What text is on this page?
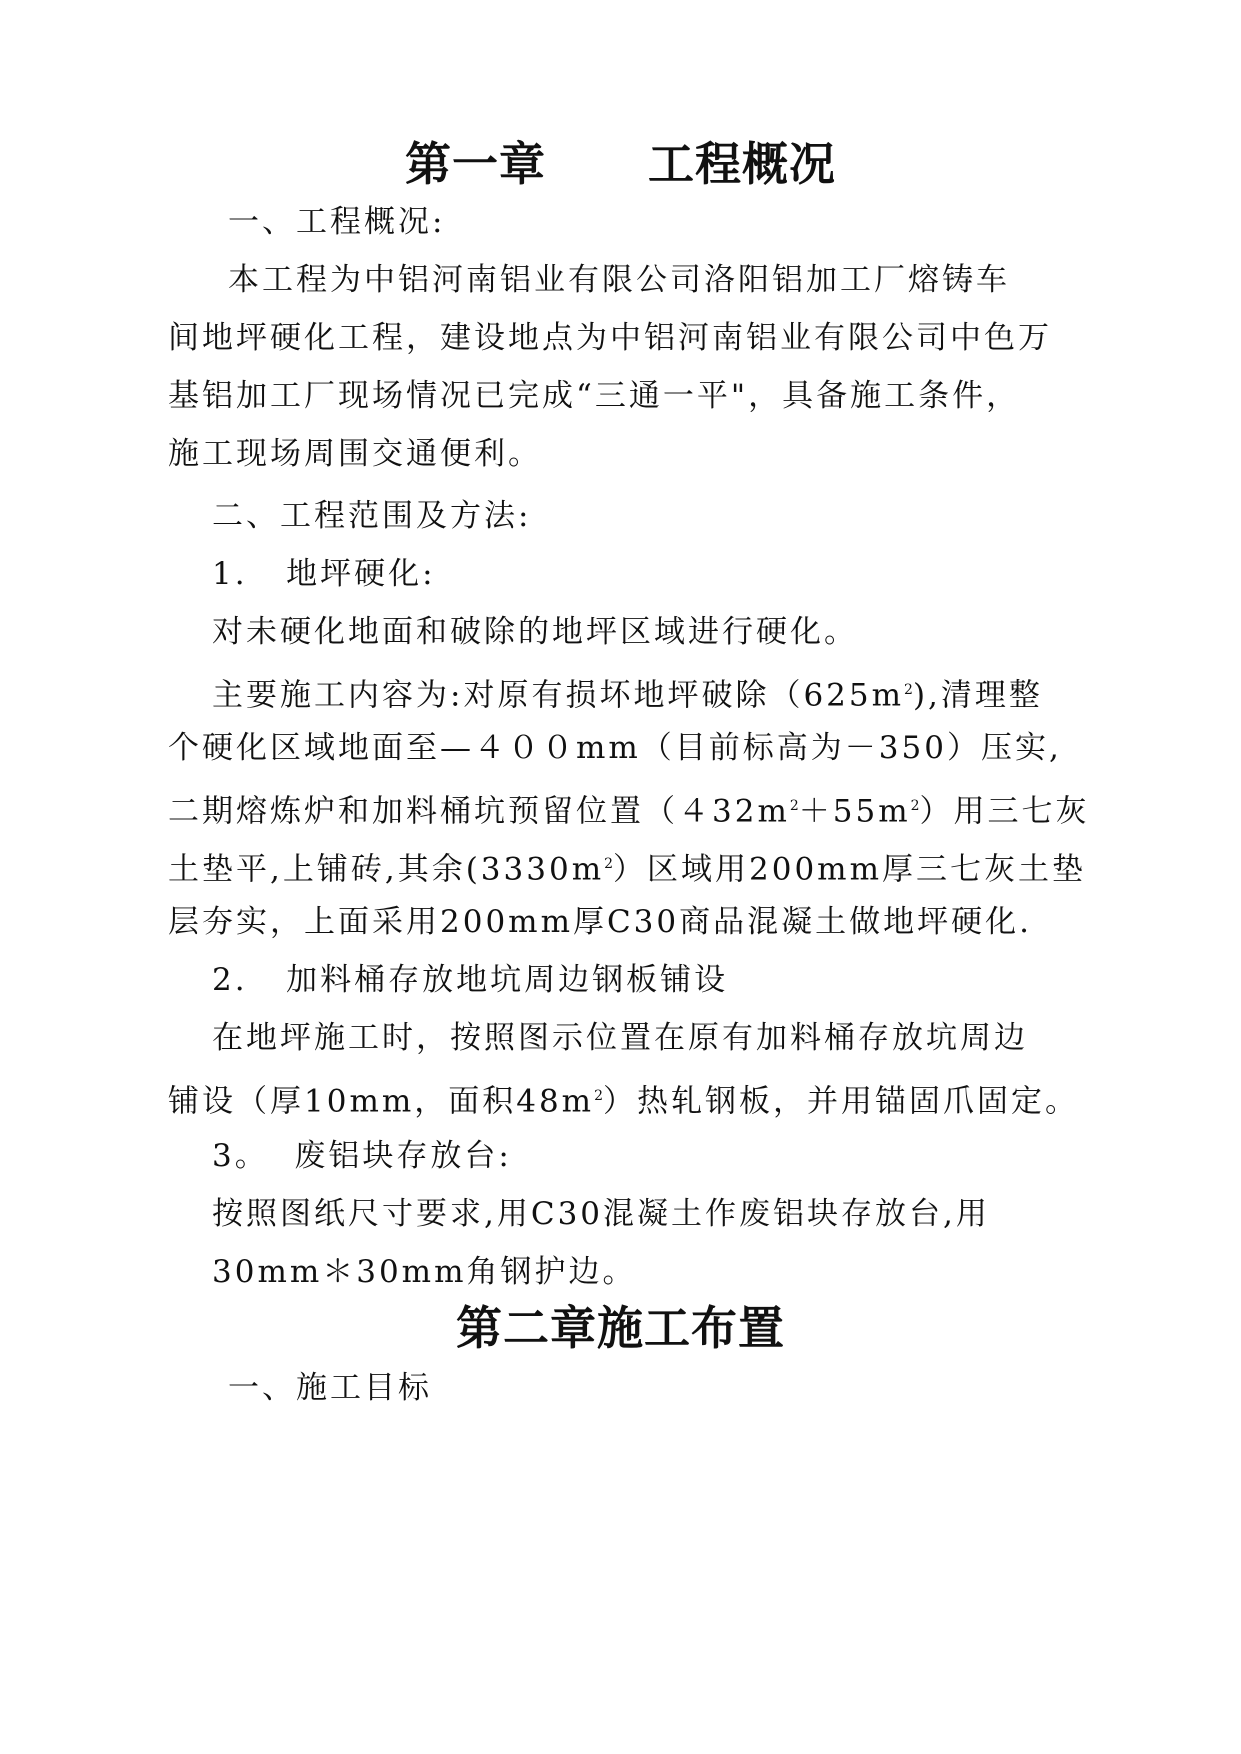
第一章      工程概况
一、工程概况:
本工程为中铝河南铝业有限公司洛阳铝加工厂熔铸车
间地坪硬化工程，建设地点为中铝河南铝业有限公司中色万
基铝加工厂现场情况已完成“三通一平"，具备施工条件，
施工现场周围交通便利。
二、工程范围及方法:
1.   地坪硬化:
对未硬化地面和破除的地坪区域进行硬化。
主要施工内容为:对原有损坏地坪破除$(625m^2)$,清理整
个硬化区域地面至—４００mm（目前标高为－350）压实,
二期熔炼炉和加料桶坑预留位置$(432m^2+55m^2)$用三七灰
土垫平,上铺砖,其余$(3330m^2)$区域用200mm厚三七灰土垫
层夯实，上面采用200mm厚C30商品混凝土做地坪硬化.
2.   加料桶存放地坑周边钢板铺设
在地坪施工时，按照图示位置在原有加料桶存放坑周边
铺设（厚10mm，面积$48m^2$）热轧钢板，并用锚固爪固定。
3。  废铝块存放台:
按照图纸尺寸要求,用C30混凝土作废铝块存放台,用
30mm＊30mm角钢护边。
第二章施工布置
一、施工目标
